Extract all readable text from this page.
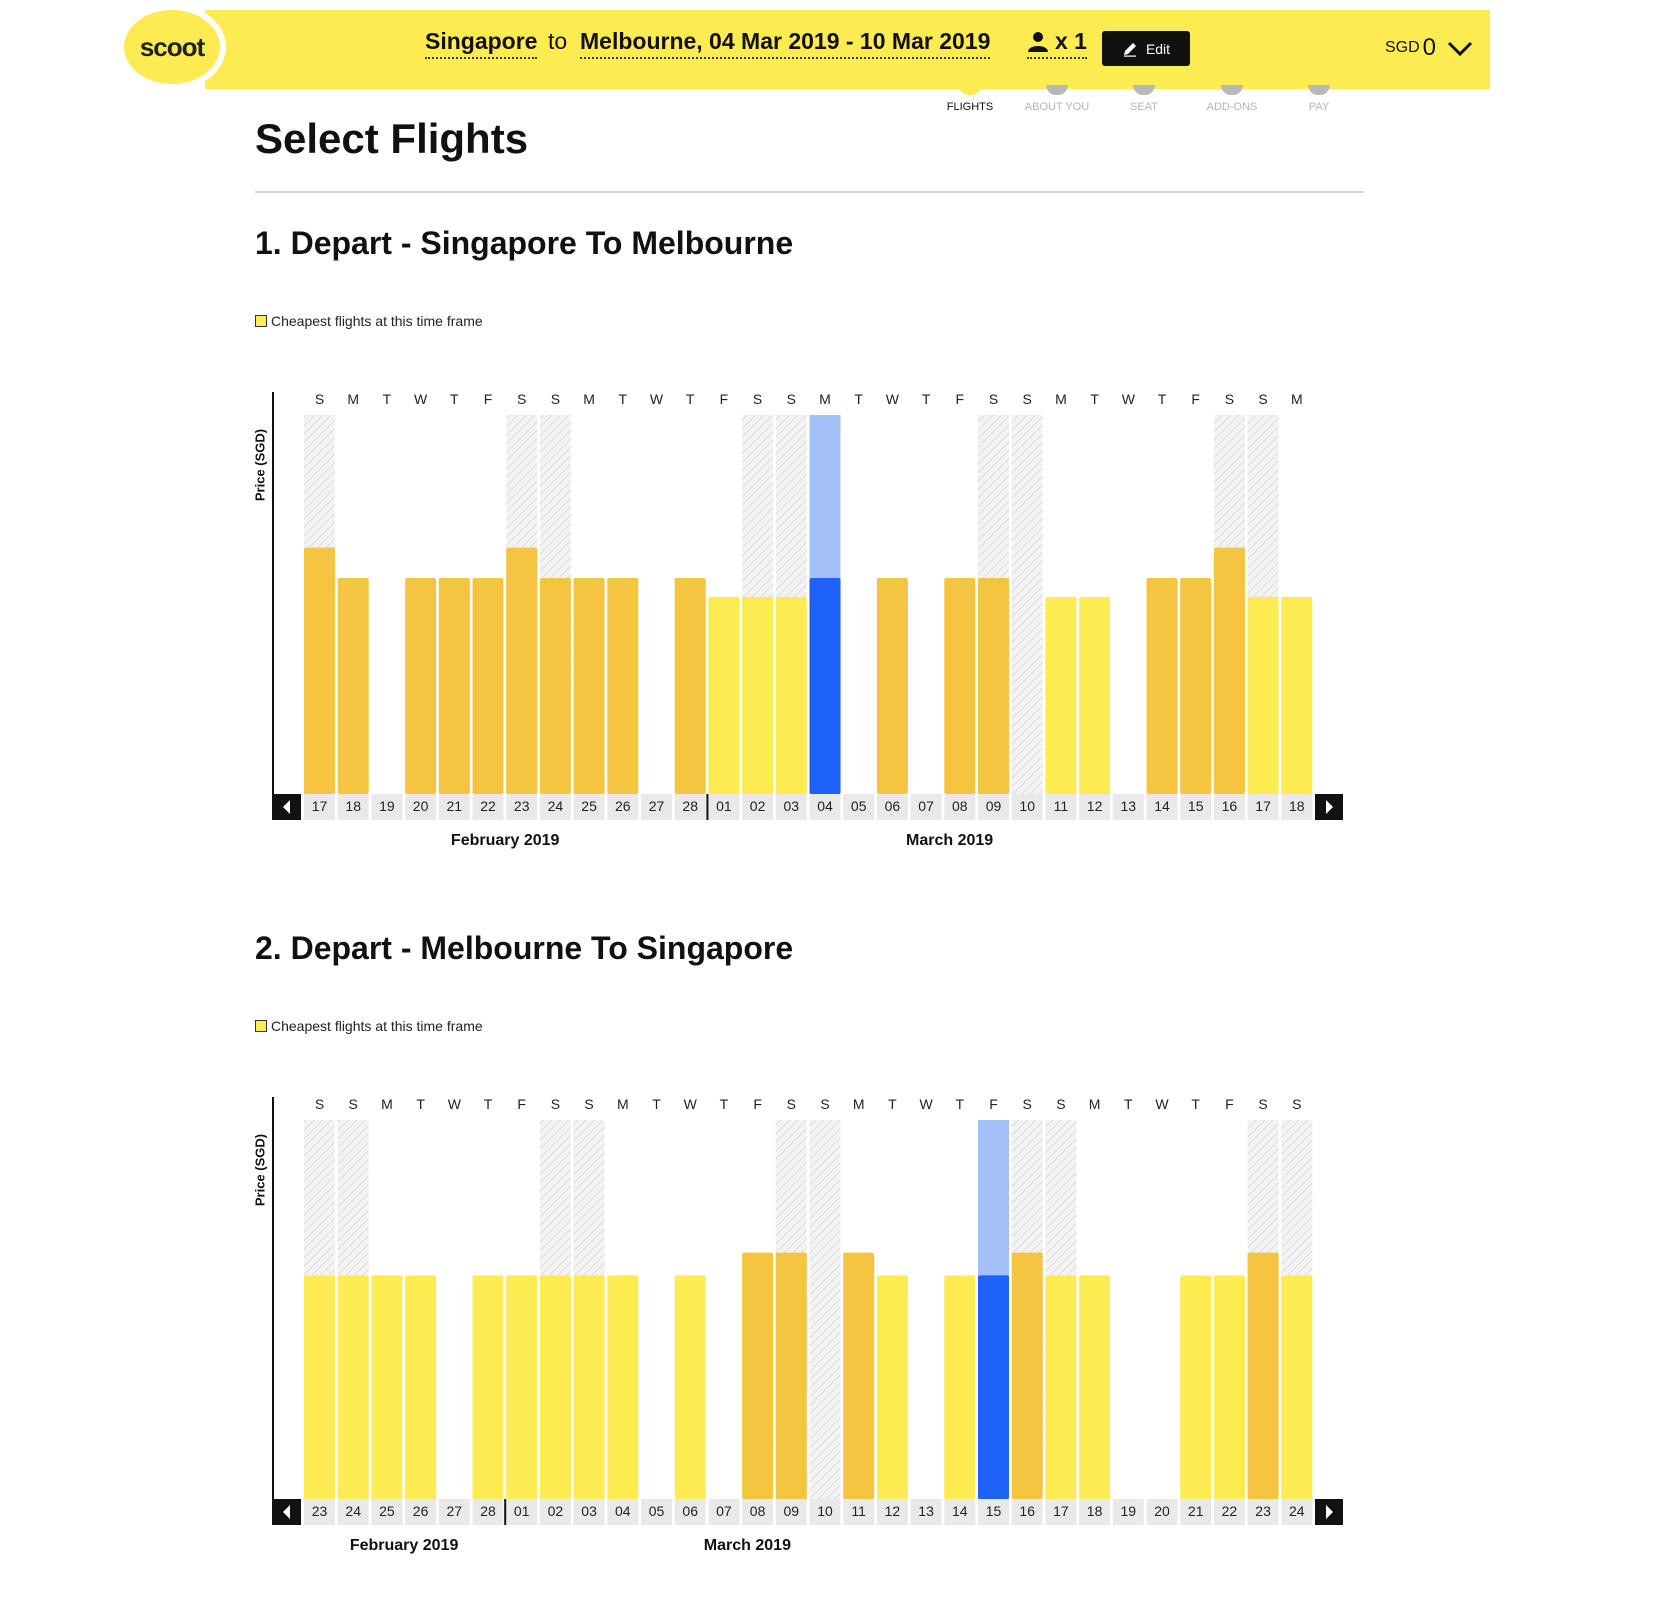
scoot	Singapore to Melbourne, 04 Mar 2019 - 10 Mar 2019	x 1	Edit	SGD 0
FLIGHTS	ABOUT YOU	SEAT	ADD-ONS	PAY
Select Flights
1. Depart - Singapore To Melbourne
Cheapest flights at this time frame
17
S
18
M
19
T
20
W
21
T
22
F
23
S
24
S
25
M
26
T
27
W
28
T
01
F
02
S
03
S
04
M
05
T
06
W
07
T
08
F
09
S
10
S
11
M
12
T
13
W
14
T
15
F
16
S
17
S
18
M
Price (SGD)
February 2019	March 2019
2. Depart - Melbourne To Singapore
Cheapest flights at this time frame
23
S
24
S
25
M
26
T
27
W
28
T
01
F
02
S
03
S
04
M
05
T
06
W
07
T
08
F
09
S
10
S
11
M
12
T
13
W
14
T
15
F
16
S
17
S
18
M
19
T
20
W
21
T
22
F
23
S
24
S
Price (SGD)
February 2019	March 2019
